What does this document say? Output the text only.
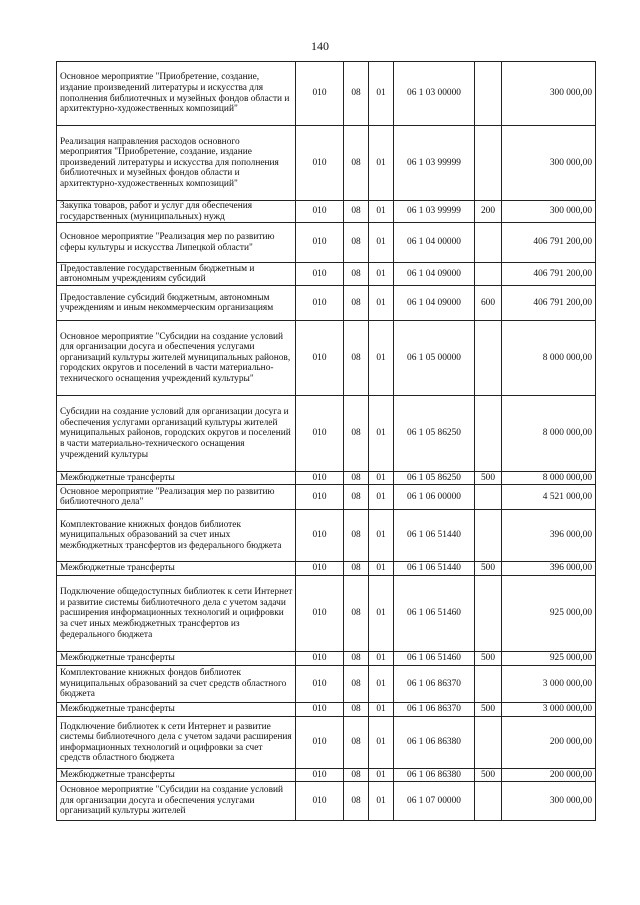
140
Основное мероприятие "Приобретение, создание, издание произведений литературы и искусства для пополнения библиотечных и музейных фондов области и архитектурно-художественных композиций"	010	08	01	06 1 03 00000		300 000,00
Реализация направления расходов основного мероприятия "Приобретение, создание, издание произведений литературы и искусства для пополнения библиотечных и музейных фондов области и архитектурно-художественных композиций"	010	08	01	06 1 03 99999		300 000,00
Закупка товаров, работ и услуг для обеспечения государственных (муниципальных) нужд	010	08	01	06 1 03 99999	200	300 000,00
Основное мероприятие "Реализация мер по развитию сферы культуры и искусства Липецкой области"	010	08	01	06 1 04 00000		406 791 200,00
Предоставление государственным бюджетным и автономным учреждениям субсидий	010	08	01	06 1 04 09000		406 791 200,00
Предоставление субсидий бюджетным, автономным учреждениям и иным некоммерческим организациям	010	08	01	06 1 04 09000	600	406 791 200,00
Основное мероприятие "Субсидии на создание условий для организации досуга и обеспечения услугами организаций культуры жителей муниципальных районов, городских округов и поселений в части материально-технического оснащения учреждений культуры"	010	08	01	06 1 05 00000		8 000 000,00
Субсидии на создание условий для организации досуга и обеспечения услугами организаций культуры жителей муниципальных районов, городских округов и поселений в части материально-технического оснащения учреждений культуры	010	08	01	06 1 05 86250		8 000 000,00
Межбюджетные трансферты	010	08	01	06 1 05 86250	500	8 000 000,00
Основное мероприятие "Реализация мер по развитию библиотечного дела"	010	08	01	06 1 06 00000		4 521 000,00
Комплектование книжных фондов библиотек муниципальных образований за счет иных межбюджетных трансфертов из федерального бюджета	010	08	01	06 1 06 51440		396 000,00
Межбюджетные трансферты	010	08	01	06 1 06 51440	500	396 000,00
Подключение общедоступных библиотек к сети Интернет и развитие системы библиотечного дела с учетом задачи расширения информационных технологий и оцифровки за счет иных межбюджетных трансфертов из федерального бюджета	010	08	01	06 1 06 51460		925 000,00
Межбюджетные трансферты	010	08	01	06 1 06 51460	500	925 000,00
Комплектование книжных фондов библиотек муниципальных образований за счет средств областного бюджета	010	08	01	06 1 06 86370		3 000 000,00
Межбюджетные трансферты	010	08	01	06 1 06 86370	500	3 000 000,00
Подключение библиотек к сети Интернет и развитие системы библиотечного дела с учетом задачи расширения информационных технологий и оцифровки за счет средств областного бюджета	010	08	01	06 1 06 86380		200 000,00
Межбюджетные трансферты	010	08	01	06 1 06 86380	500	200 000,00
Основное мероприятие "Субсидии на создание условий для организации досуга и обеспечения услугами организаций культуры жителей	010	08	01	06 1 07 00000		300 000,00
